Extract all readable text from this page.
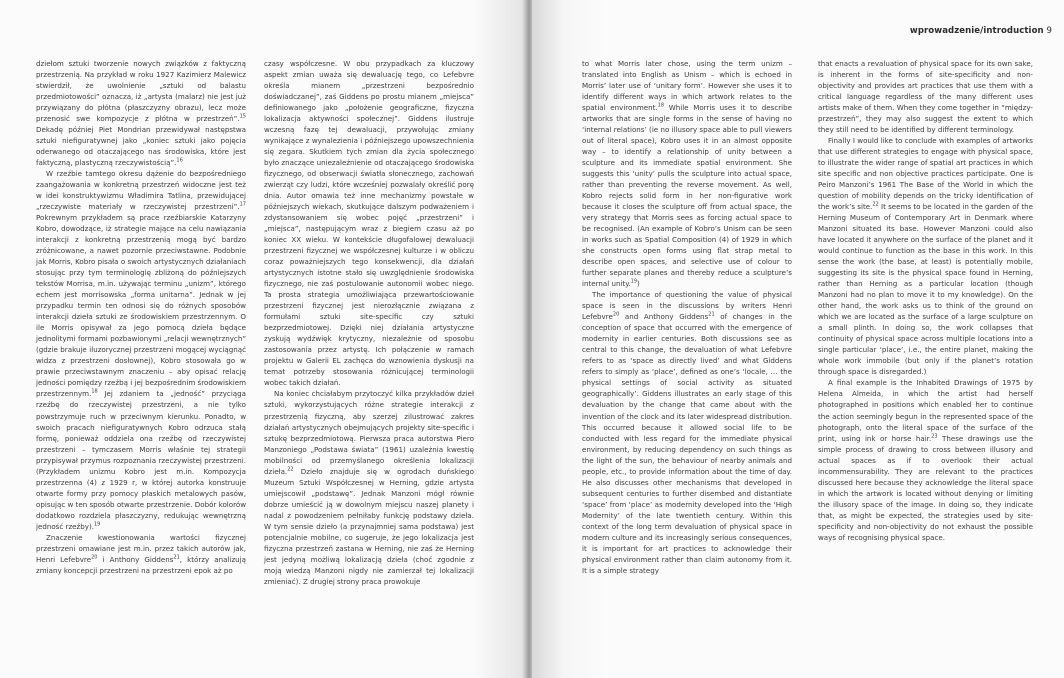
dziełom sztuki tworzenie nowych związków z faktyczną przestrzenią. Na przykład w roku 1927 Kazimierz Malewicz stwierdził, że uwolnienie „sztuki od balastu przedmiotowości” oznacza, iż „artysta (malarz) nie jest już przywiązany do płótna (płaszczyzny obrazu), lecz może przenosić swe kompozycje z płótna w przestrzeń”.$^{15}$ Dekadę później Piet Mondrian przewidywał następstwa sztuki niefiguratywnej jako „koniec sztuki jako pojęcia oderwanego od otaczającego nas środowiska, które jest faktyczną, plastyczną rzeczywistością”.$^{16}$

W rzeźbie tamtego okresu dążenie do bezpośredniego zaangażowania w konkretną przestrzeń widoczne jest też w idei konstruktywizmu Władimira Tatlina, przewidującej „rzeczywiste materiały w rzeczywistej przestrzeni”.$^{17}$ Pokrewnym przykładem są prace rzeźbiarskie Katarzyny Kobro, dowodzące, iż strategie mające na celu nawiązania interakcji z konkretną przestrzenią mogą być bardzo zróżnicowane, a nawet pozornie przeciwstawne. Podobnie jak Morris, Kobro pisała o swoich artystycznych działaniach stosując przy tym terminologię zbliżoną do późniejszych tekstów Morrisa, m.in. używając terminu „unizm”, którego echem jest morrisowska „forma unitarna”. Jednak w jej przypadku termin ten odnosi się do różnych sposobów interakcji dzieła sztuki ze środowiskiem przestrzennym. O ile Morris opisywał za jego pomocą dzieła będące jednolitymi formami pozbawionymi „relacji wewnętrznych” (gdzie brakuje iluzorycznej przestrzeni mogącej wyciągnąć widza z przestrzeni dosłownej), Kobro stosowała go w prawie przeciwstawnym znaczeniu – aby opisać relację jedności pomiędzy rzeźbą i jej bezpośrednim środowiskiem przestrzennym.$^{18}$ Jej zdaniem ta „jedność” przyciąga rzeźbę do rzeczywistej przestrzeni, a nie tylko powstrzymuje ruch w przeciwnym kierunku. Ponadto, w swoich pracach niefiguratywnych Kobro odrzuca stałą formę, ponieważ oddziela ona rzeźbę od rzeczywistej przestrzeni – tymczasem Morris właśnie tej strategii przypisywał przymus rozpoznania rzeczywistej przestrzeni. (Przykładem unizmu Kobro jest m.in. Kompozycja przestrzenna (4) z 1929 r, w której autorka konstruuje otwarte formy przy pomocy płaskich metalowych pasów, opisując w ten sposób otwarte przestrzenie. Dobór kolorów dodatkowo rozdziela płaszczyzny, redukując wewnętrzną jedność rzeźby).$^{19}$

Znaczenie kwestionowania wartości fizycznej przestrzeni omawiane jest m.in. przez takich autorów jak, Henri Lefebvre$^{20}$ i Anthony Giddens$^{21}$, którzy analizują zmiany koncepcji przestrzeni na przestrzeni epok aż po

czasy współczesne. W obu przypadkach za kluczowy aspekt zmian uważa się dewaluację tego, co Lefebvre określa mianem „przestrzeni bezpośrednio doświadczanej”, zaś Giddens po prostu mianem „miejsca” definiowanego jako „położenie geograficzne, fizyczna lokalizacja aktywności społecznej”. Giddens ilustruje wczesną fazę tej dewaluacji, przywołując zmiany wynikające z wynalezienia i późniejszego upowszechnienia się zegara. Skutkiem tych zmian dla życia społecznego było znaczące uniezależnienie od otaczającego środowiska fizycznego, od obserwacji światła słonecznego, zachowań zwierząt czy ludzi, które wcześniej pozwalały określić porę dnia. Autor omawia też inne mechanizmy powstałe w późniejszych wiekach, skutkujące dalszym podważeniem i zdystansowaniem się wobec pojęć „przestrzeni” i „miejsca”, następującym wraz z biegiem czasu aż po koniec XX wieku. W kontekście długofalowej dewaluacji przestrzeni fizycznej we współczesnej kulturze i w obliczu coraz poważniejszych tego konsekwencji, dla działań artystycznych istotne stało się uwzględnienie środowiska fizycznego, nie zaś postulowanie autonomii wobec niego. Ta prosta strategia umożliwiająca przewartościowanie przestrzeni fizycznej jest nierozłącznie związana z formułami sztuki site-specific czy sztuki bezprzedmiotowej. Dzięki niej działania artystyczne zyskują wydźwięk krytyczny, niezależnie od sposobu zastosowania przez artystę. Ich połączenie w ramach projektu w Galerii EL zachęca do wznowienia dyskusji na temat potrzeby stosowania różnicującej terminologii wobec takich działań.

Na koniec chciałabym przytoczyć kilka przykładów dzieł sztuki, wykorzystujących różne strategie interakcji z przestrzenią fizyczną, aby szerzej zilustrować zakres działań artystycznych obejmujących projekty site-specific i sztukę bezprzedmiotową. Pierwsza praca autorstwa Piero Manzoniego „Podstawa świata” (1961) uzależnia kwestię mobilności od przemyślanego określenia lokalizacji dzieła.$^{22}$ Dzieło znajduje się w ogrodach duńskiego Muzeum Sztuki Współczesnej w Herning, gdzie artysta umiejscowił „podstawę”. Jednak Manzoni mógł równie dobrze umieścić ją w dowolnym miejscu naszej planety i nadal z powodzeniem pełniłaby funkcję podstawy dzieła. W tym sensie dzieło (a przynajmniej sama podstawa) jest potencjalnie mobilne, co sugeruje, że jego lokalizacja jest fizyczna przestrzeń zastana w Herning, nie zaś że Herning jest jedyną możliwą lokalizacją dzieła (choć zgodnie z moją wiedzą Manzoni nigdy nie zamierzał tej lokalizacji zmieniać). Z drugiej strony praca prowokuje

wprowadzenie/introduction 9

to what Morris later chose, using the term unizm – translated into English as Unism – which is echoed in Morris’ later use of ‘unitary form’. However she uses it to identify different ways in which artwork relates to the spatial environment.$^{18}$ While Morris uses it to describe artworks that are single forms in the sense of having no ‘internal relations’ (ie no illusory space able to pull viewers out of literal space), Kobro uses it in an almost opposite way – to identify a relationship of unity between a sculpture and its immediate spatial environment. She suggests this ‘unity’ pulls the sculpture into actual space, rather than preventing the reverse movement. As well, Kobro rejects solid form in her non-figurative work because it closes the sculpture off from actual space, the very strategy that Morris sees as forcing actual space to be recognised. (An example of Kobro’s Unism can be seen in works such as Spatial Composition (4) of 1929 in which she constructs open forms using flat strap metal to describe open spaces, and selective use of colour to further separate planes and thereby reduce a sculpture’s internal unity.$^{19}$)

The importance of questioning the value of physical space is seen in the discussions by writers Henri Lefebvre$^{20}$ and Anthony Giddens$^{21}$ of changes in the conception of space that occurred with the emergence of modernity in earlier centuries. Both discussions see as central to this change, the devaluation of what Lefebvre refers to as ‘space as directly lived’ and what Giddens refers to simply as ‘place’, defined as one’s ‘locale, … the physical settings of social activity as situated geographically’. Giddens illustrates an early stage of this devaluation by the change that came about with the invention of the clock and its later widespread distribution. This occurred because it allowed social life to be conducted with less regard for the immediate physical environment, by reducing dependency on such things as the light of the sun, the behaviour of nearby animals and people, etc., to provide information about the time of day. He also discusses other mechanisms that developed in subsequent centuries to further disembed and distantiate ‘space’ from ‘place’ as modernity developed into the ‘High Modernity’ of the late twentieth century. Within this context of the long term devaluation of physical space in modern culture and its increasingly serious consequences, it is important for art practices to acknowledge their physical environment rather than claim autonomy from it. It is a simple strategy

that enacts a revaluation of physical space for its own sake, is inherent in the forms of site-specificity and non-objectivity and provides art practices that use them with a critical language regardless of the many different uses artists make of them. When they come together in “między-przestrzeń”, they may also suggest the extent to which they still need to be identified by different terminology.

Finally I would like to conclude with examples of artworks that use different strategies to engage with physical space, to illustrate the wider range of spatial art practices in which site specific and non objective practices participate. One is Peiro Manzoni’s 1961 The Base of the World in which the question of mobility depends on the tricky identification of the work’s site.$^{22}$ It seems to be located in the garden of the Herning Museum of Contemporary Art in Denmark where Manzoni situated its base. However Manzoni could also have located it anywhere on the surface of the planet and it would continue to function as the base in this work. In this sense the work (the base, at least) is potentially mobile, suggesting its site is the physical space found in Herning, rather than Herning as a particular location (though Manzoni had no plan to move it to my knowledge). On the other hand, the work asks us to think of the ground on which we are located as the surface of a large sculpture on a small plinth. In doing so, the work collapses that continuity of physical space across multiple locations into a single particular ‘place’, i.e., the entire planet, making the whole work immobile (but only if the planet’s rotation through space is disregarded.)

A final example is the Inhabited Drawings of 1975 by Helena Almeida, in which the artist had herself photographed in positions which enabled her to continue the action seemingly begun in the represented space of the photograph, onto the literal space of the surface of the print, using ink or horse hair.$^{23}$ These drawings use the simple process of drawing to cross between illusory and actual spaces as if to overlook their actual incommensurability. They are relevant to the practices discussed here because they acknowledge the literal space in which the artwork is located without denying or limiting the illusory space of the image. In doing so, they indicate that, as might be expected, the strategies used by site-specificity and non-objectivity do not exhaust the possible ways of recognising physical space.
